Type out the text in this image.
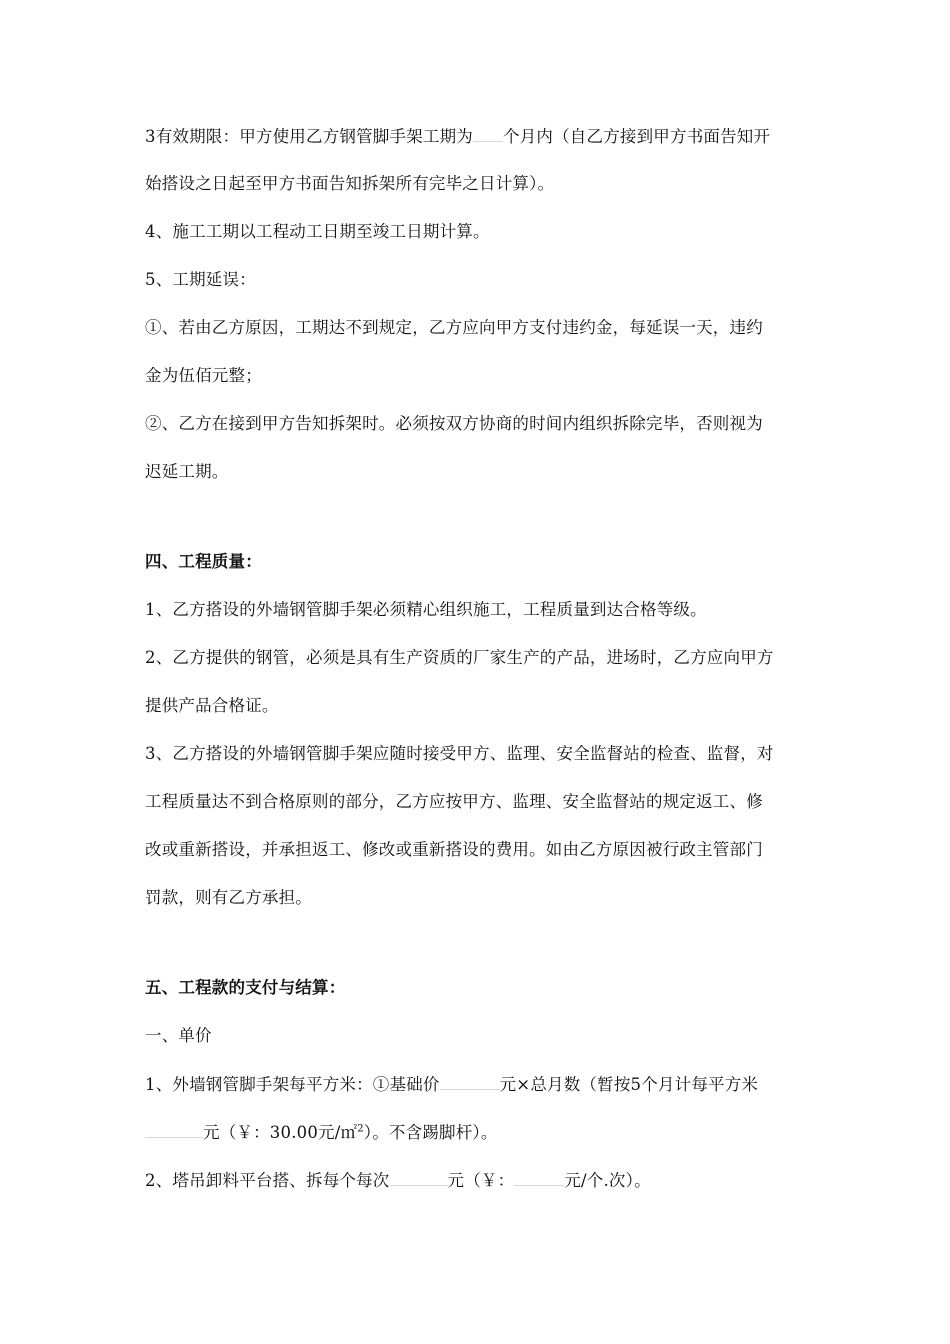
3有效期限：甲方使用乙方钢管脚手架工期为 个月内（自乙方接到甲方书面告知开
始搭设之日起至甲方书面告知拆架所有完毕之日计算）。
4、施工工期以工程动工日期至竣工日期计算。
5、工期延误：
①、若由乙方原因，工期达不到规定，乙方应向甲方支付违约金，每延误一天，违约
金为伍佰元整；
②、乙方在接到甲方告知拆架时。必须按双方协商的时间内组织拆除完毕，否则视为
迟延工期。
四、工程质量：
1、乙方搭设的外墙钢管脚手架必须精心组织施工，工程质量到达合格等级。
2、乙方提供的钢管，必须是具有生产资质的厂家生产的产品，进场时，乙方应向甲方
提供产品合格证。
3、乙方搭设的外墙钢管脚手架应随时接受甲方、监理、安全监督站的检查、监督，对
工程质量达不到合格原则的部分，乙方应按甲方、监理、安全监督站的规定返工、修
改或重新搭设，并承担返工、修改或重新搭设的费用。如由乙方原因被行政主管部门
罚款，则有乙方承担。
五、工程款的支付与结算：
一、单价
1、外墙钢管脚手架每平方米：①基础价	元×总月数（暂按5个月计每平方米
元（￥：30.00元/㎡$^2$）。不含踢脚杆）。
2、塔吊卸料平台搭、拆每个每次	元（￥：	元/个.次）。
